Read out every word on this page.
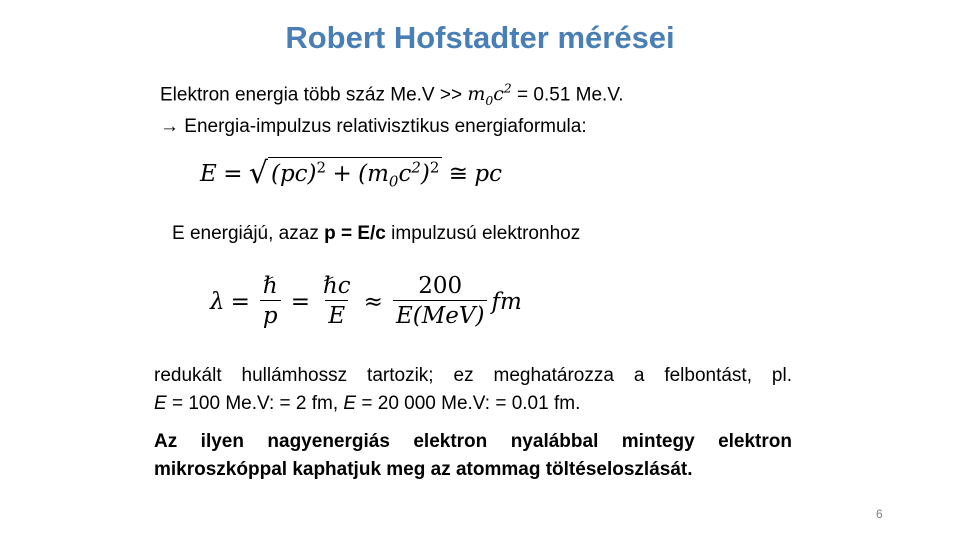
Robert Hofstadter mérései
Elektron energia több száz $Me.V >> m_0c^2 = 0.51$ Me.V.
→ Energia-impulzus relativisztikus energiaformula:
E = √ $(pc)^2 + (m_0c^2)^2$ ≅ pc
E energiájú, azaz p = E/c impulzusú elektronhoz
$\lambda = \frac{\text{ℏ}}{p} = \frac{\text{ℏc}}{E} \approx \frac{200}{\text{E(MeV)}}$ fm
redukált hullámhossz tartozik; ez meghatározza a felbontást, pl.
E = 100 Me.V: = 2 fm, E = 20 000 Me.V: = 0.01 fm.
Az ilyen nagyenergiás elektron nyalábbal mintegy elektron
mikroszkóppal kaphatjuk meg az atommag töltéseloszlását.
6
